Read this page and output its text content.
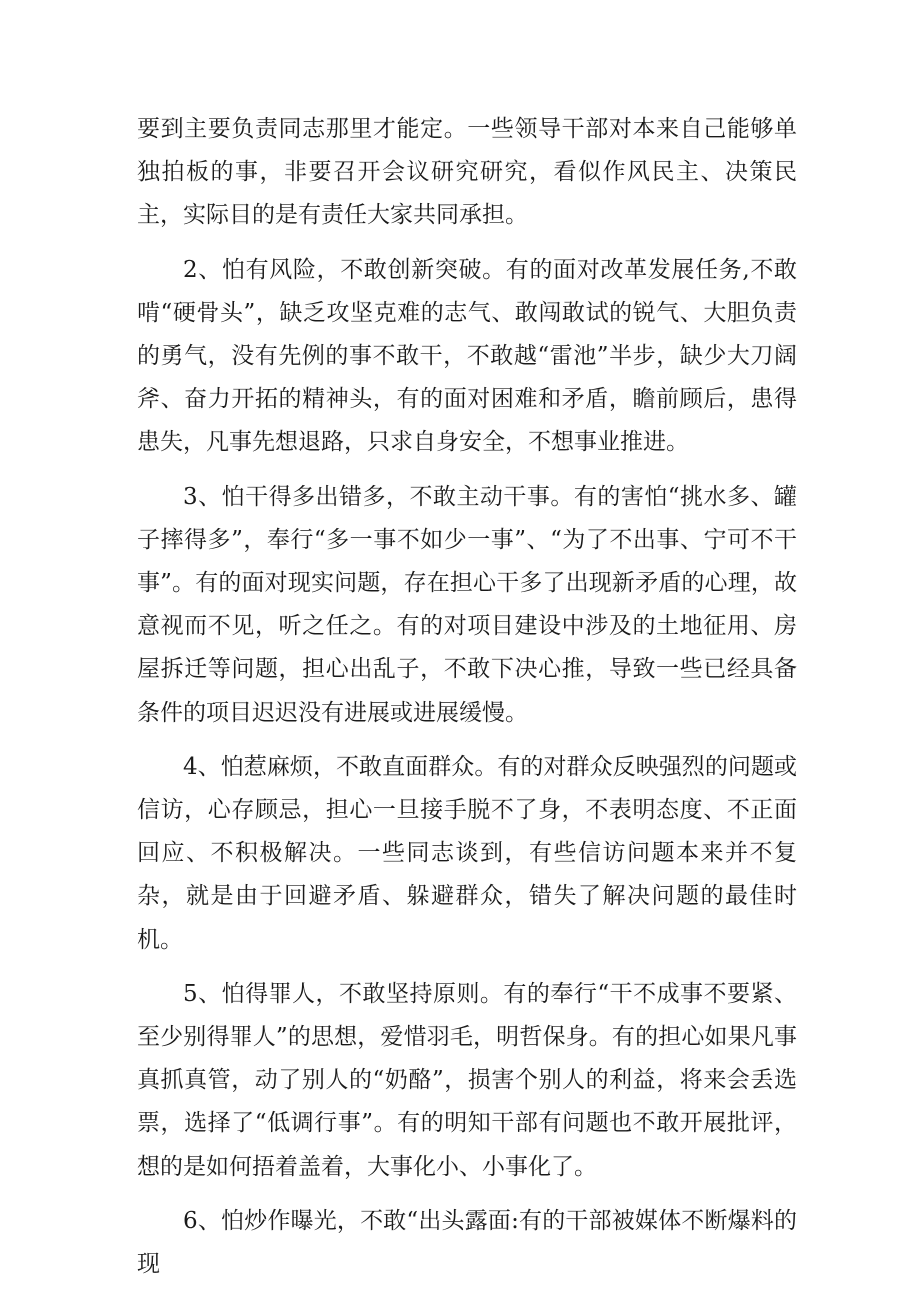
要到主要负责同志那里才能定。一些领导干部对本来自己能够单独拍板的事，非要召开会议研究研究，看似作风民主、决策民主，实际目的是有责任大家共同承担。

2、怕有风险，不敢创新突破。有的面对改革发展任务,不敢啃“硬骨头”，缺乏攻坚克难的志气、敢闯敢试的锐气、大胆负责的勇气，没有先例的事不敢干，不敢越“雷池”半步，缺少大刀阔斧、奋力开拓的精神头，有的面对困难和矛盾，瞻前顾后，患得患失，凡事先想退路，只求自身安全，不想事业推进。

3、怕干得多出错多，不敢主动干事。有的害怕“挑水多、罐子摔得多”，奉行“多一事不如少一事”、“为了不出事、宁可不干事”。有的面对现实问题，存在担心干多了出现新矛盾的心理，故意视而不见，听之任之。有的对项目建设中涉及的土地征用、房屋拆迁等问题，担心出乱子，不敢下决心推，导致一些已经具备条件的项目迟迟没有进展或进展缓慢。

4、怕惹麻烦，不敢直面群众。有的对群众反映强烈的问题或信访，心存顾忌，担心一旦接手脱不了身，不表明态度、不正面回应、不积极解决。一些同志谈到，有些信访问题本来并不复杂，就是由于回避矛盾、躲避群众，错失了解决问题的最佳时机。

5、怕得罪人，不敢坚持原则。有的奉行“干不成事不要紧、至少别得罪人”的思想，爱惜羽毛，明哲保身。有的担心如果凡事真抓真管，动了别人的“奶酪”，损害个别人的利益，将来会丢选票，选择了“低调行事”。有的明知干部有问题也不敢开展批评，想的是如何捂着盖着，大事化小、小事化了。

6、怕炒作曝光，不敢“出头露面:有的干部被媒体不断爆料的现
